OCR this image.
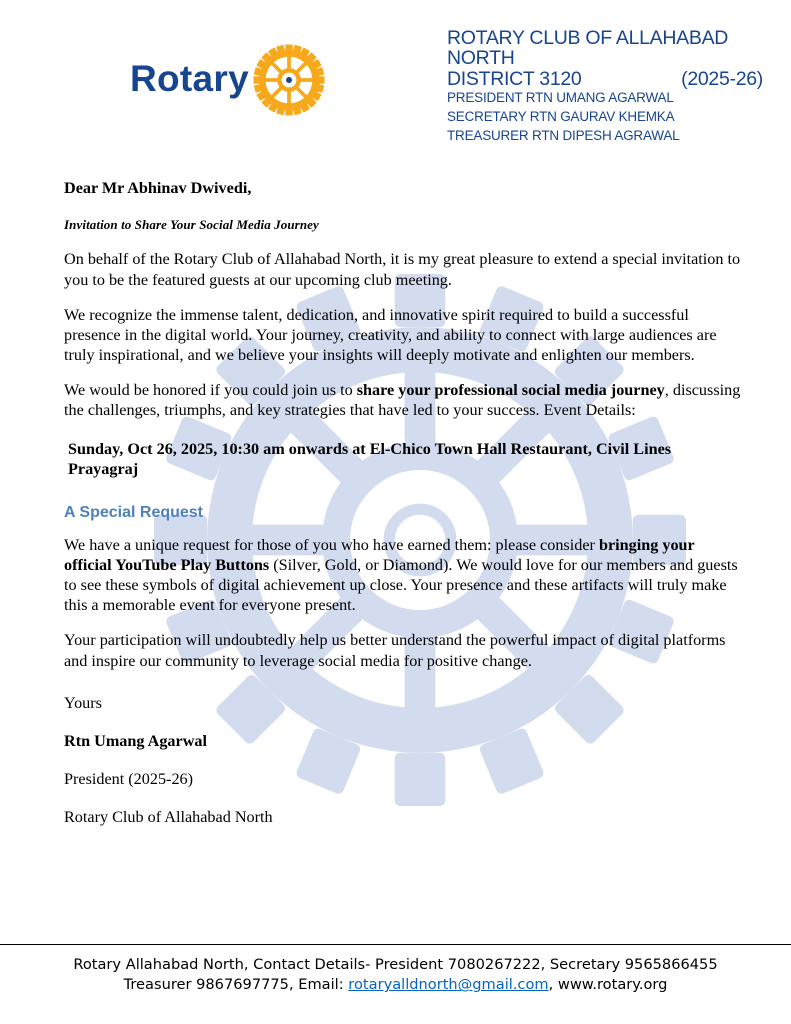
Rotary
ROTARY CLUB OF ALLAHABAD NORTH
DISTRICT 3120	(2025-26)
PRESIDENT RTN UMANG AGARWAL
SECRETARY RTN GAURAV KHEMKA
TREASURER RTN DIPESH AGRAWAL

Dear Mr Abhinav Dwivedi,

Invitation to Share Your Social Media Journey

On behalf of the Rotary Club of Allahabad North, it is my great pleasure to extend a special invitation to you to be the featured guests at our upcoming club meeting.

We recognize the immense talent, dedication, and innovative spirit required to build a successful presence in the digital world. Your journey, creativity, and ability to connect with large audiences are truly inspirational, and we believe your insights will deeply motivate and enlighten our members.

We would be honored if you could join us to share your professional social media journey, discussing the challenges, triumphs, and key strategies that have led to your success. Event Details:

Sunday, Oct 26, 2025, 10:30 am onwards at El-Chico Town Hall Restaurant, Civil Lines Prayagraj

A Special Request

We have a unique request for those of you who have earned them: please consider bringing your official YouTube Play Buttons (Silver, Gold, or Diamond). We would love for our members and guests to see these symbols of digital achievement up close. Your presence and these artifacts will truly make this a memorable event for everyone present.

Your participation will undoubtedly help us better understand the powerful impact of digital platforms and inspire our community to leverage social media for positive change.

Yours

Rtn Umang Agarwal

President (2025-26)

Rotary Club of Allahabad North

Rotary Allahabad North, Contact Details- President 7080267222, Secretary 9565866455
Treasurer 9867697775, Email: rotaryalldnorth@gmail.com, www.rotary.org
